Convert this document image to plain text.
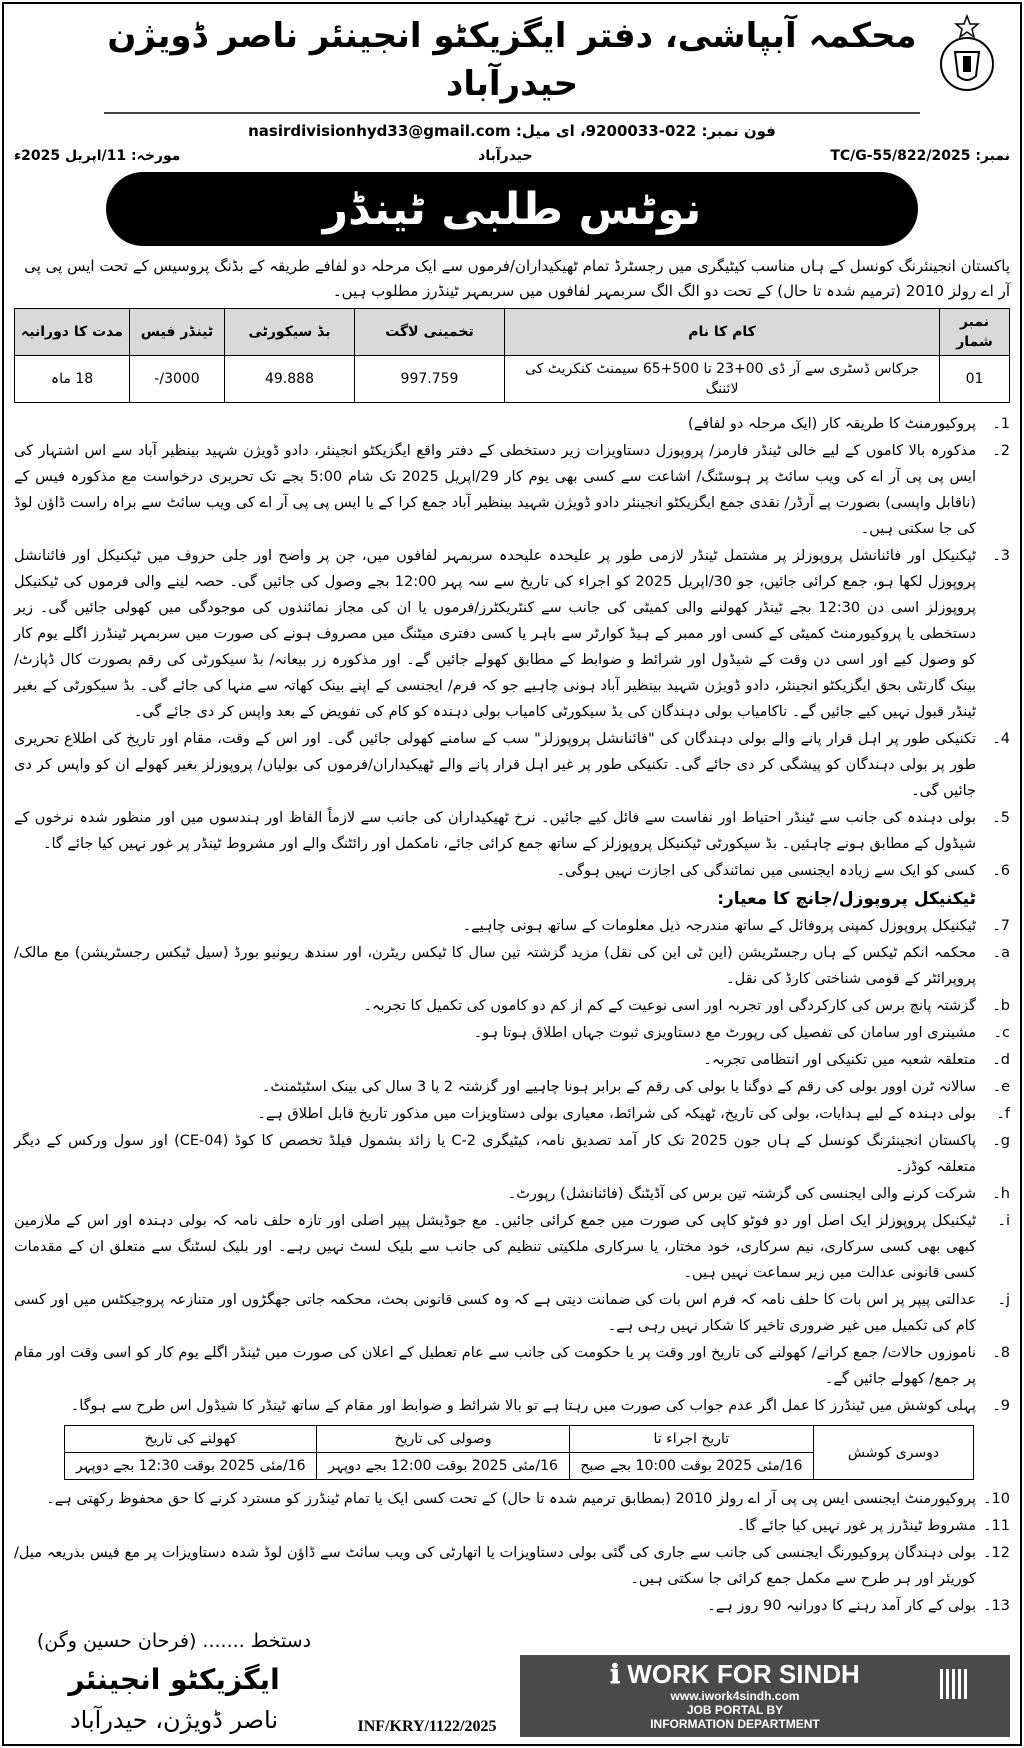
محکمہ آبپاشی، دفتر ایگزیکٹو انجینئر ناصر ڈویژن حیدرآباد
فون نمبر: 022-9200033، ای میل: nasirdivisionhyd33@gmail.com
نمبر: TC/G-55/822/2025
حیدرآباد
مورخہ: 11/اپریل 2025ء
نوٹس طلبی ٹینڈر
پاکستان انجینئرنگ کونسل کے ہاں مناسب کیٹیگری میں رجسٹرڈ تمام ٹھیکیداران/فرموں سے ایک مرحلہ دو لفافے طریقہ کے بڈنگ پروسیس کے تحت ایس پی پی آر اے رولز 2010 (ترمیم شدہ تا حال) کے تحت دو الگ الگ سربمہر لفافوں میں سربمہر ٹینڈرز مطلوب ہیں۔
نمبر شمار	کام کا نام	تخمینی لاگت	بڈ سیکورٹی	ٹینڈر فیس	مدت کا دورانیہ
01	جرکاس ڈسٹری سے آر ڈی 00+23 تا 500+65 سیمنٹ کنکریٹ کی لائننگ	997.759	49.888	3000/-	18 ماہ
1۔
پروکیورمنٹ کا طریقہ کار (ایک مرحلہ دو لفافے)
2۔
مذکورہ بالا کاموں کے لیے خالی ٹینڈر فارمز/ پروپوزل دستاویزات زیر دستخطی کے دفتر واقع ایگزیکٹو انجینئر، دادو ڈویژن شہید بینظیر آباد سے اس اشتہار کی ایس پی پی آر اے کی ویب سائٹ پر ہوسٹنگ/ اشاعت سے کسی بھی یوم کار 29/اپریل 2025 تک شام 5:00 بجے تک تحریری درخواست مع مذکورہ فیس کے (ناقابل واپسی) بصورت پے آرڈر/ نقدی جمع ایگزیکٹو انجینئر دادو ڈویژن شہید بینظیر آباد جمع کرا کے یا ایس پی پی آر اے کی ویب سائٹ سے براہ راست ڈاؤن لوڈ کی جا سکتی ہیں۔
3۔
ٹیکنیکل اور فائنانشل پروپوزلز پر مشتمل ٹینڈر لازمی طور پر علیحدہ علیحدہ سربمہر لفافوں میں، جن پر واضح اور جلی حروف میں ٹیکنیکل اور فائنانشل پروپوزل لکھا ہو، جمع کرائی جائیں، جو 30/اپریل 2025 کو اجراء کی تاریخ سے سہ پہر 12:00 بجے وصول کی جائیں گی۔ حصہ لینے والی فرموں کی ٹیکنیکل پروپوزلز اسی دن 12:30 بجے ٹینڈر کھولنے والی کمیٹی کی جانب سے کنٹریکٹرز/فرموں یا ان کی مجاز نمائندوں کی موجودگی میں کھولی جائیں گی۔ زیر دستخطی یا پروکیورمنٹ کمیٹی کے کسی اور ممبر کے ہیڈ کوارٹر سے باہر یا کسی دفتری میٹنگ میں مصروف ہونے کی صورت میں سربمہر ٹینڈرز اگلے یوم کار کو وصول کیے اور اسی دن وقت کے شیڈول اور شرائط و ضوابط کے مطابق کھولے جائیں گے۔ اور مذکورہ زر بیعانہ/ بڈ سیکورٹی کی رقم بصورت کال ڈپازٹ/ بینک گارنٹی بحق ایگزیکٹو انجینئر، دادو ڈویژن شہید بینظیر آباد ہونی چاہیے جو کہ فرم/ ایجنسی کے اپنے بینک کھاتہ سے منہا کی جائے گی۔ بڈ سیکورٹی کے بغیر ٹینڈر قبول نہیں کیے جائیں گے۔ ناکامیاب بولی دہندگان کی بڈ سیکورٹی کامیاب بولی دہندہ کو کام کی تفویض کے بعد واپس کر دی جائے گی۔
4۔
تکنیکی طور پر اہل قرار پانے والے بولی دہندگان کی "فائنانشل پروپوزلز" سب کے سامنے کھولی جائیں گی۔ اور اس کے وقت، مقام اور تاریخ کی اطلاع تحریری طور پر بولی دہندگان کو پیشگی کر دی جائے گی۔ تکنیکی طور پر غیر اہل قرار پانے والے ٹھیکیداران/فرموں کی بولیاں/ پروپوزلز بغیر کھولے ان کو واپس کر دی جائیں گی۔
5۔
بولی دہندہ کی جانب سے ٹینڈر احتیاط اور نفاست سے فائل کیے جائیں۔ نرخ ٹھیکیداران کی جانب سے لازماً الفاظ اور ہندسوں میں اور منظور شدہ نرخوں کے شیڈول کے مطابق ہونے چاہئیں۔ بڈ سیکورٹی ٹیکنیکل پروپوزلز کے ساتھ جمع کرائی جائے، نامکمل اور رائٹنگ والے اور مشروط ٹینڈر پر غور نہیں کیا جائے گا۔
6۔
کسی کو ایک سے زیادہ ایجنسی میں نمائندگی کی اجازت نہیں ہوگی۔
ٹیکنیکل پروپوزل/جانچ کا معیار:
7۔
ٹیکنیکل پروپوزل کمپنی پروفائل کے ساتھ مندرجہ ذیل معلومات کے ساتھ ہونی چاہیے۔
a۔
محکمہ انکم ٹیکس کے ہاں رجسٹریشن (این ٹی این کی نقل) مزید گزشتہ تین سال کا ٹیکس ریٹرن، اور سندھ ریونیو بورڈ (سیل ٹیکس رجسٹریشن) مع مالک/ پروپرائٹر کے قومی شناختی کارڈ کی نقل۔
b۔
گزشتہ پانچ برس کی کارکردگی اور تجربہ اور اسی نوعیت کے کم از کم دو کاموں کی تکمیل کا تجربہ۔
c۔
مشینری اور سامان کی تفصیل کی رپورٹ مع دستاویزی ثبوت جہاں اطلاق ہوتا ہو۔
d۔
متعلقہ شعبہ میں تکنیکی اور انتظامی تجربہ۔
e۔
سالانہ ٹرن اوور بولی کی رقم کے دوگنا یا بولی کی رقم کے برابر ہونا چاہیے اور گزشتہ 2 یا 3 سال کی بینک اسٹیٹمنٹ۔
f۔
بولی دہندہ کے لیے ہدایات، بولی کی تاریخ، ٹھیکہ کی شرائط، معیاری بولی دستاویزات میں مذکور تاریخ قابل اطلاق ہے۔
g۔
پاکستان انجینئرنگ کونسل کے ہاں جون 2025 تک کار آمد تصدیق نامہ، کیٹیگری C-2 یا زائد بشمول فیلڈ تخصص کا کوڈ (CE-04) اور سول ورکس کے دیگر متعلقہ کوڈز۔
h۔
شرکت کرنے والی ایجنسی کی گزشتہ تین برس کی آڈیٹنگ (فائنانشل) رپورٹ۔
i۔
ٹیکنیکل پروپوزلز ایک اصل اور دو فوٹو کاپی کی صورت میں جمع کرائی جائیں۔ مع جوڈیشل پیپر اصلی اور تازہ حلف نامہ کہ بولی دہندہ اور اس کے ملازمین کبھی بھی کسی سرکاری، نیم سرکاری، خود مختار، یا سرکاری ملکیتی تنظیم کی جانب سے بلیک لسٹ نہیں رہے۔ اور بلیک لسٹنگ سے متعلق ان کے مقدمات کسی قانونی عدالت میں زیر سماعت نہیں ہیں۔
j۔
عدالتی پیپر پر اس بات کا حلف نامہ کہ فرم اس بات کی ضمانت دیتی ہے کہ وہ کسی قانونی بحث، محکمہ جاتی جھگڑوں اور متنازعہ پروجیکٹس میں اور کسی کام کی تکمیل میں غیر ضروری تاخیر کا شکار نہیں رہی ہے۔
8۔
ناموزوں حالات/ جمع کرانے/ کھولنے کی تاریخ اور وقت پر یا حکومت کی جانب سے عام تعطیل کے اعلان کی صورت میں ٹینڈر اگلے یوم کار کو اسی وقت اور مقام پر جمع/ کھولے جائیں گے۔
9۔
پہلی کوشش میں ٹینڈرز کا عمل اگر عدم جواب کی صورت میں رہتا ہے تو بالا شرائط و ضوابط اور مقام کے ساتھ ٹینڈر کا شیڈول اس طرح سے ہوگا۔
دوسری کوشش	تاریخ اجراء تا	وصولی کی تاریخ	کھولنے کی تاریخ
	16/مئی 2025 بوقت 10:00 بجے صبح	16/مئی 2025 بوقت 12:00 بجے دوپہر	16/مئی 2025 بوقت 12:30 بجے دوپہر
10۔
پروکیورمنٹ ایجنسی ایس پی پی آر اے رولز 2010 (بمطابق ترمیم شدہ تا حال) کے تحت کسی ایک یا تمام ٹینڈرز کو مسترد کرنے کا حق محفوظ رکھتی ہے۔
11۔
مشروط ٹینڈرز پر غور نہیں کیا جائے گا۔
12۔
بولی دہندگان پروکیورنگ ایجنسی کی جانب سے جاری کی گئی بولی دستاویزات یا اتھارٹی کی ویب سائٹ سے ڈاؤن لوڈ شدہ دستاویزات پر مع فیس بذریعہ میل/کوریئر اور ہر طرح سے مکمل جمع کرائی جا سکتی ہیں۔
13۔
بولی کے کار آمد رہنے کا دورانیہ 90 روز ہے۔
دستخط ....... (فرحان حسین وگن)
ایگزیکٹو انجینئر
ناصر ڈویژن، حیدرآباد	INF/KRY/1122/2025
ℹ WORK FOR SINDH
www.iwork4sindh.com
JOB PORTAL BY
INFORMATION DEPARTMENT
